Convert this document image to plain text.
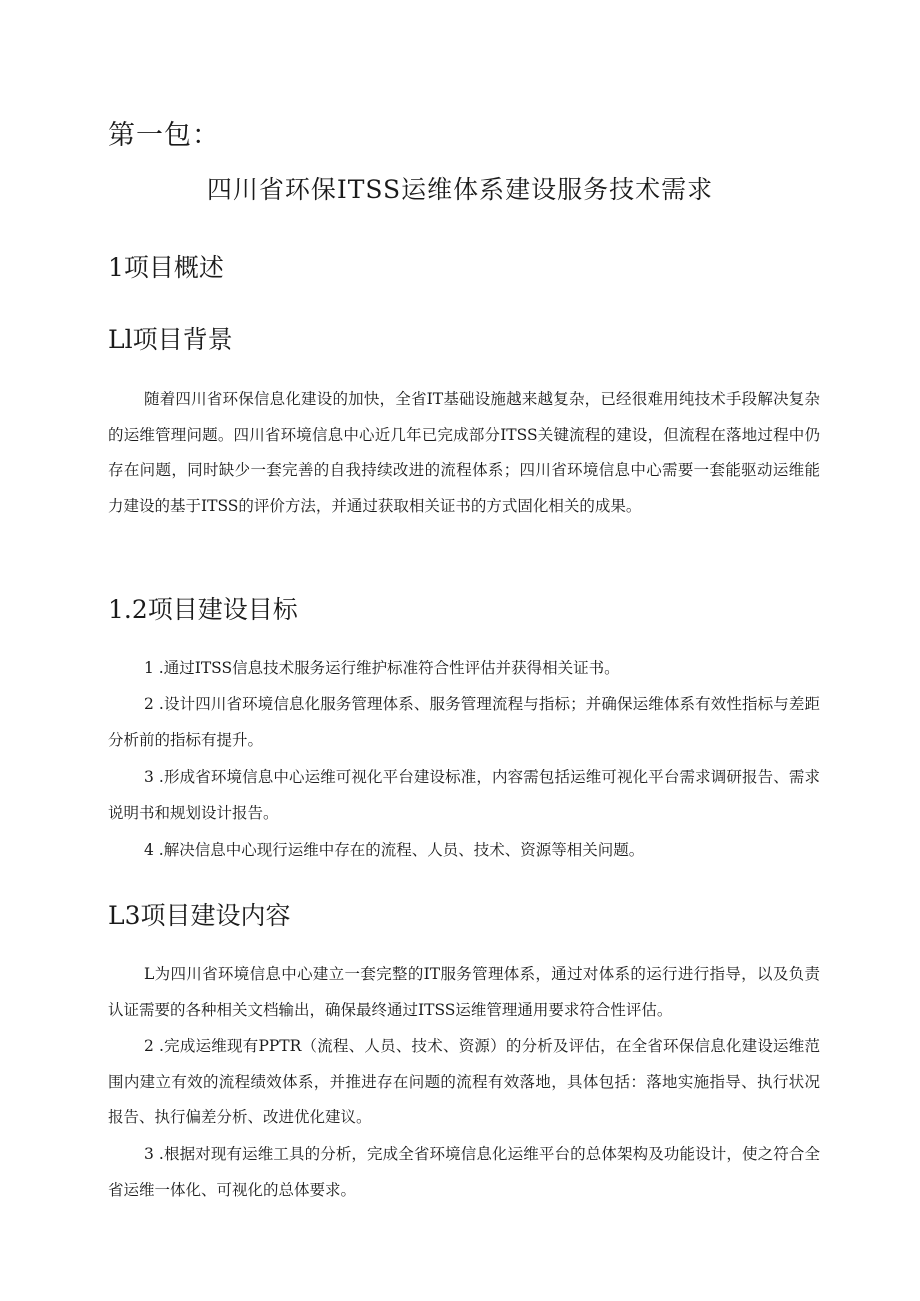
第一包：
四川省环保ITSS运维体系建设服务技术需求
1项目概述
Ll项目背景

随着四川省环保信息化建设的加快，全省IT基础设施越来越复杂，已经很难用纯技术手段解决复杂的运维管理问题。四川省环境信息中心近几年已完成部分ITSS关键流程的建设，但流程在落地过程中仍存在问题，同时缺少一套完善的自我持续改进的流程体系；四川省环境信息中心需要一套能驱动运维能力建设的基于ITSS的评价方法，并通过获取相关证书的方式固化相关的成果。

1.2项目建设目标

1 .通过ITSS信息技术服务运行维护标准符合性评估并获得相关证书。

2 .设计四川省环境信息化服务管理体系、服务管理流程与指标；并确保运维体系有效性指标与差距分析前的指标有提升。

3 .形成省环境信息中心运维可视化平台建设标准，内容需包括运维可视化平台需求调研报告、需求说明书和规划设计报告。

4 .解决信息中心现行运维中存在的流程、人员、技术、资源等相关问题。

L3项目建设内容

L为四川省环境信息中心建立一套完整的IT服务管理体系，通过对体系的运行进行指导，以及负责认证需要的各种相关文档输出，确保最终通过ITSS运维管理通用要求符合性评估。

2 .完成运维现有PPTR（流程、人员、技术、资源）的分析及评估，在全省环保信息化建设运维范围内建立有效的流程绩效体系，并推进存在问题的流程有效落地，具体包括：落地实施指导、执行状况报告、执行偏差分析、改进优化建议。

3 .根据对现有运维工具的分析，完成全省环境信息化运维平台的总体架构及功能设计，使之符合全省运维一体化、可视化的总体要求。
